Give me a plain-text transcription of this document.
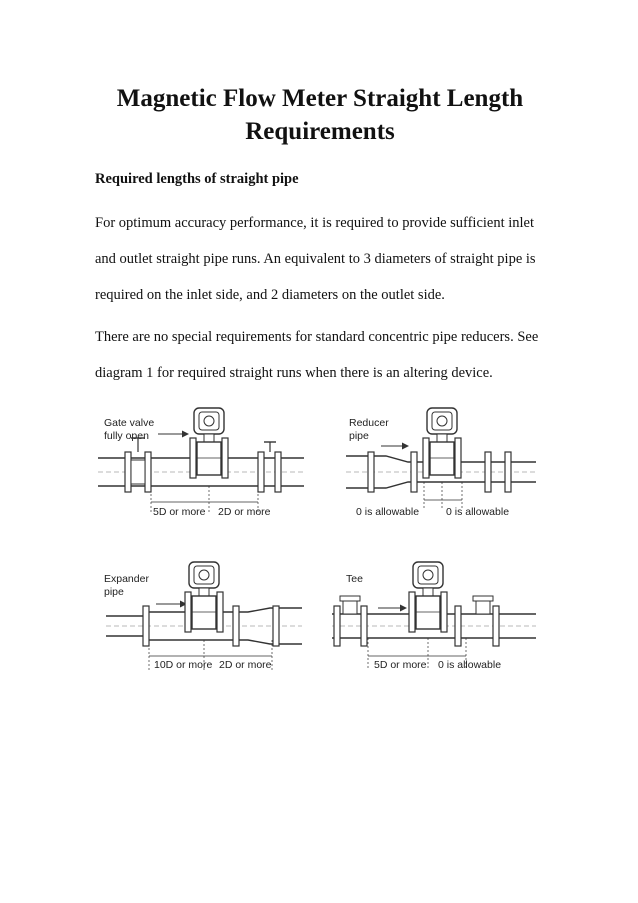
Magnetic Flow Meter Straight Length Requirements
Required lengths of straight pipe

For optimum accuracy performance, it is required to provide sufficient inlet and outlet straight pipe runs. An equivalent to 3 diameters of straight pipe is required on the inlet side, and 2 diameters on the outlet side.

There are no special requirements for standard concentric pipe reducers. See diagram 1 for required straight runs when there is an altering device.

Gate valve
fully open
5D or more 2D or more
Reducer
pipe
0 is allowable	0 is allowable
Expander
pipe
10D or more 2D or more
Tee
5D or more 0 is allowable
